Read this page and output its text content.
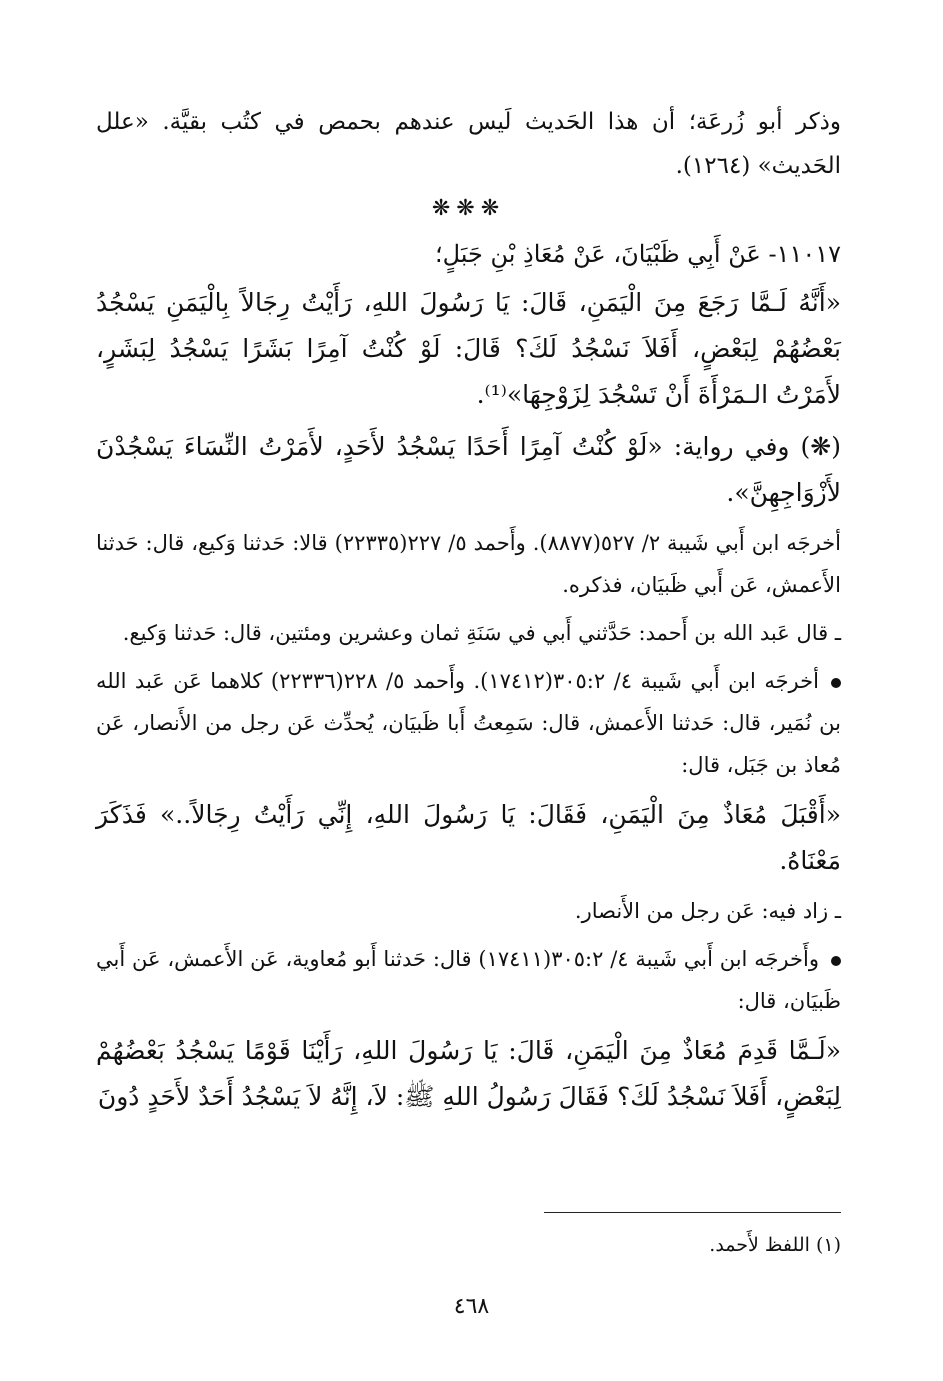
وذكر أبو زُرعَة؛ أن هذا الحَديث لَيس عندهم بحمص في كتُب بقيَّة. «علل الحَديث» (١٢٦٤).

❋❋❋

١١٠١٧- عَنْ أَبِي ظَبْيَانَ، عَنْ مُعَاذِ بْنِ جَبَلٍ؛

«أَنَّهُ لَـمَّا رَجَعَ مِنَ الْيَمَنِ، قَالَ: يَا رَسُولَ اللهِ، رَأَيْتُ رِجَالاً بِالْيَمَنِ يَسْجُدُ بَعْضُهُمْ لِبَعْضٍ، أَفَلاَ نَسْجُدُ لَكَ؟ قَالَ: لَوْ كُنْتُ آمِرًا بَشَرًا يَسْجُدُ لِبَشَرٍ، لأَمَرْتُ الـمَرْأَةَ أَنْ تَسْجُدَ لِزَوْجِهَا»⁽¹⁾.

(❋) وفي رواية: «لَوْ كُنْتُ آمِرًا أَحَدًا يَسْجُدُ لأَحَدٍ، لأَمَرْتُ النِّسَاءَ يَسْجُدْنَ لأَزْوَاجِهِنَّ».

أخرجَه ابن أَبي شَيبة ٢/ ٥٢٧(٨٨٧٧). وأَحمد ٥/ ٢٢٧(٢٢٣٣٥) قالا: حَدثنا وَكيع، قال: حَدثنا الأَعمش، عَن أَبي ظَبيَان، فذكره.

ـ قال عَبد الله بن أَحمد: حَدَّثني أَبي في سَنَةِ ثمان وعشرين ومئتين، قال: حَدثنا وَكيع.

أخرجَه ابن أَبي شَيبة ٤/ ٣٠٥:٢(١٧٤١٢). وأَحمد ٥/ ٢٢٨(٢٢٣٣٦) كلاهما عَن عَبد الله بن نُمَير، قال: حَدثنا الأَعمش، قال: سَمِعتُ أَبا ظَبيَان، يُحدِّث عَن رجل من الأَنصار، عَن مُعاذ بن جَبَل، قال:

«أَقْبَلَ مُعَاذٌ مِنَ الْيَمَنِ، فَقَالَ: يَا رَسُولَ اللهِ، إِنِّي رَأَيْتُ رِجَالاً..» فَذَكَرَ مَعْنَاهُ.

ـ زاد فيه: عَن رجل من الأَنصار.

وأَخرجَه ابن أَبي شَيبة ٤/ ٣٠٥:٢(١٧٤١١) قال: حَدثنا أَبو مُعاوية، عَن الأَعمش، عَن أَبي ظَبيَان، قال:

«لَـمَّا قَدِمَ مُعَاذٌ مِنَ الْيَمَنِ، قَالَ: يَا رَسُولَ اللهِ، رَأَيْنَا قَوْمًا يَسْجُدُ بَعْضُهُمْ لِبَعْضٍ، أَفَلاَ نَسْجُدُ لَكَ؟ فَقَالَ رَسُولُ اللهِ ﷺ: لاَ، إِنَّهُ لاَ يَسْجُدُ أَحَدٌ لأَحَدٍ دُونَ

(١) اللفظ لأَحمد.
٤٦٨
